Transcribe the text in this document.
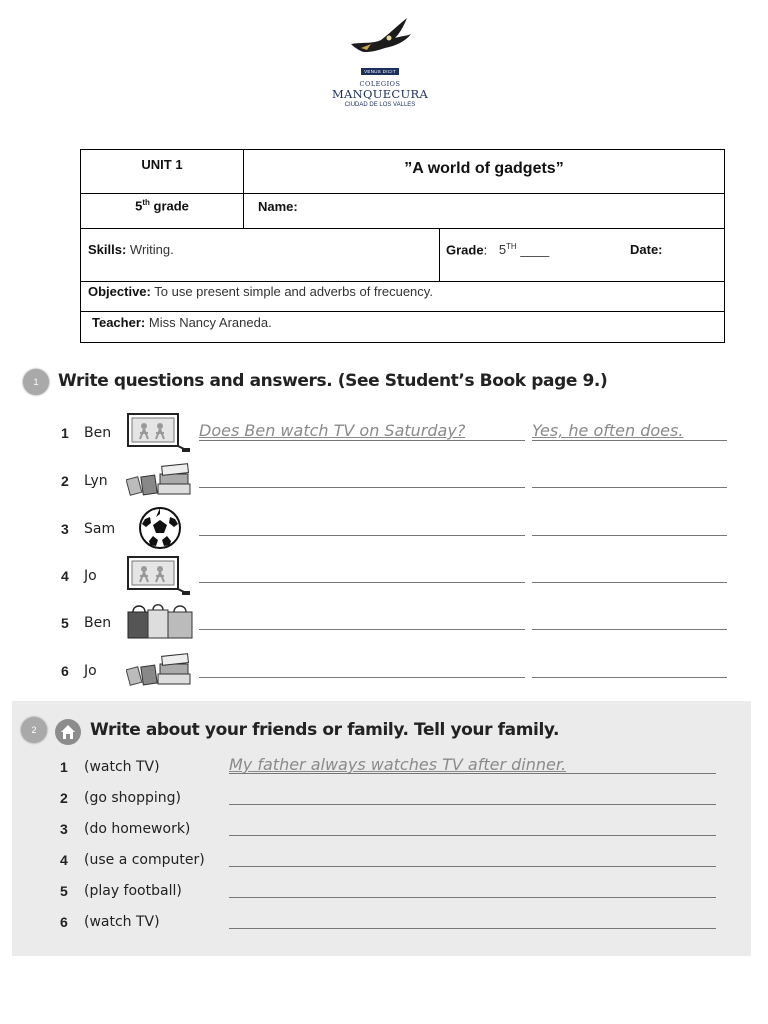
VENUS DICIT
COLEGIOS
MANQUECURA
CIUDAD DE LOS VALLES
UNIT 1	”A world of gadgets”
5th grade	Name:
Skills: Writing.	Grade: 5TH ____	Date:
Objective: To use present simple and adverbs of frecuency.
Teacher: Miss Nancy Araneda.
1	Write questions and answers. (See Student’s Book page 9.)
1 Ben	Does Ben watch TV on Saturday?	Yes, he often does.
2 Lyn
3 Sam
4 Jo
5 Ben
6 Jo
2	Write about your friends or family. Tell your family.
1 (watch TV)	My father always watches TV after dinner.
2 (go shopping)
3 (do homework)
4 (use a computer)
5 (play football)
6 (watch TV)
